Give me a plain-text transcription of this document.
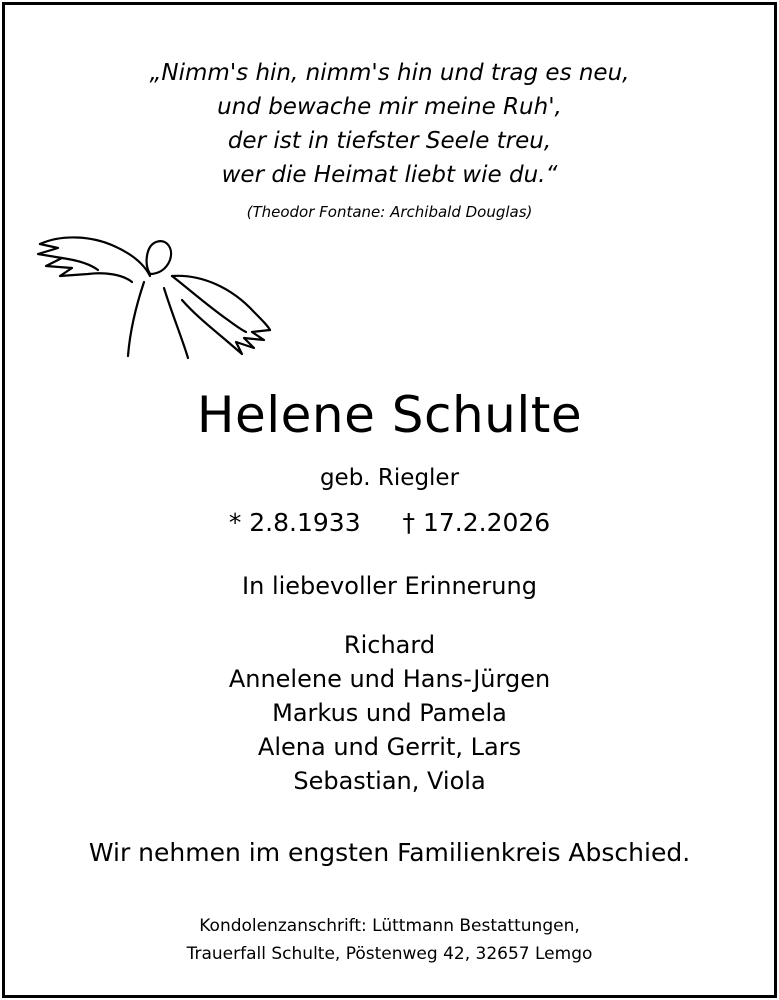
„Nimm's hin, nimm's hin und trag es neu,
und bewache mir meine Ruh',
der ist in tiefster Seele treu,
wer die Heimat liebt wie du.“
(Theodor Fontane: Archibald Douglas)
Helene Schulte
geb. Riegler
* 2.8.1933 † 17.2.2026
In liebevoller Erinnerung
Richard
Annelene und Hans-Jürgen
Markus und Pamela
Alena und Gerrit, Lars
Sebastian, Viola
Wir nehmen im engsten Familienkreis Abschied.
Kondolenzanschrift: Lüttmann Bestattungen,
Trauerfall Schulte, Pöstenweg 42, 32657 Lemgo
